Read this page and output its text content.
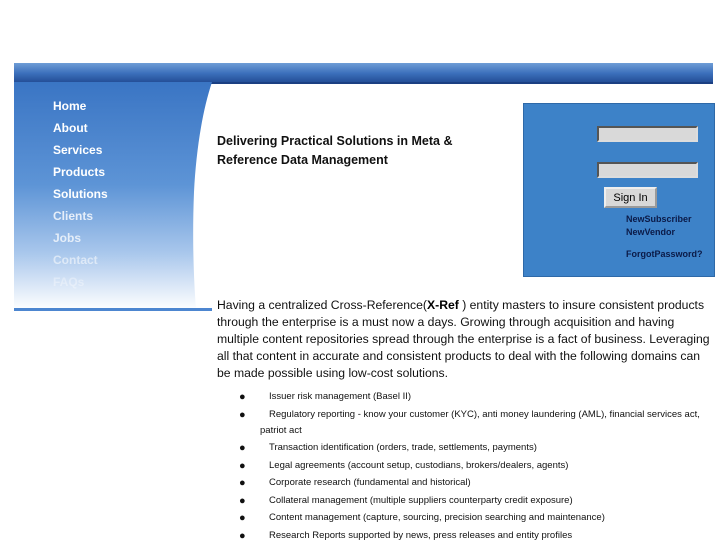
Home
About
Services
Products
Solutions
Clients
Jobs
Contact
FAQs
Delivering Practical Solutions in Meta &
Reference Data Management
Sign In
NewSubscriber
NewVendor
ForgotPassword?
Having a centralized Cross-Reference(X-Ref ) entity masters to insure consistent products through the enterprise is a must now a days. Growing through acquisition and having multiple content repositories spread through the enterprise is a fact of business. Leveraging all that content in accurate and consistent products to deal with the following domains can be made possible using low-cost solutions.
● Issuer risk management (Basel II)
● Regulatory reporting - know your customer (KYC), anti money laundering (AML), financial services act, patriot act
● Transaction identification (orders, trade, settlements, payments)
● Legal agreements (account setup, custodians, brokers/dealers, agents)
● Corporate research (fundamental and historical)
● Collateral management (multiple suppliers counterparty credit exposure)
● Content management (capture, sourcing, precision searching and maintenance)
● Research Reports supported by news, press releases and entity profiles
